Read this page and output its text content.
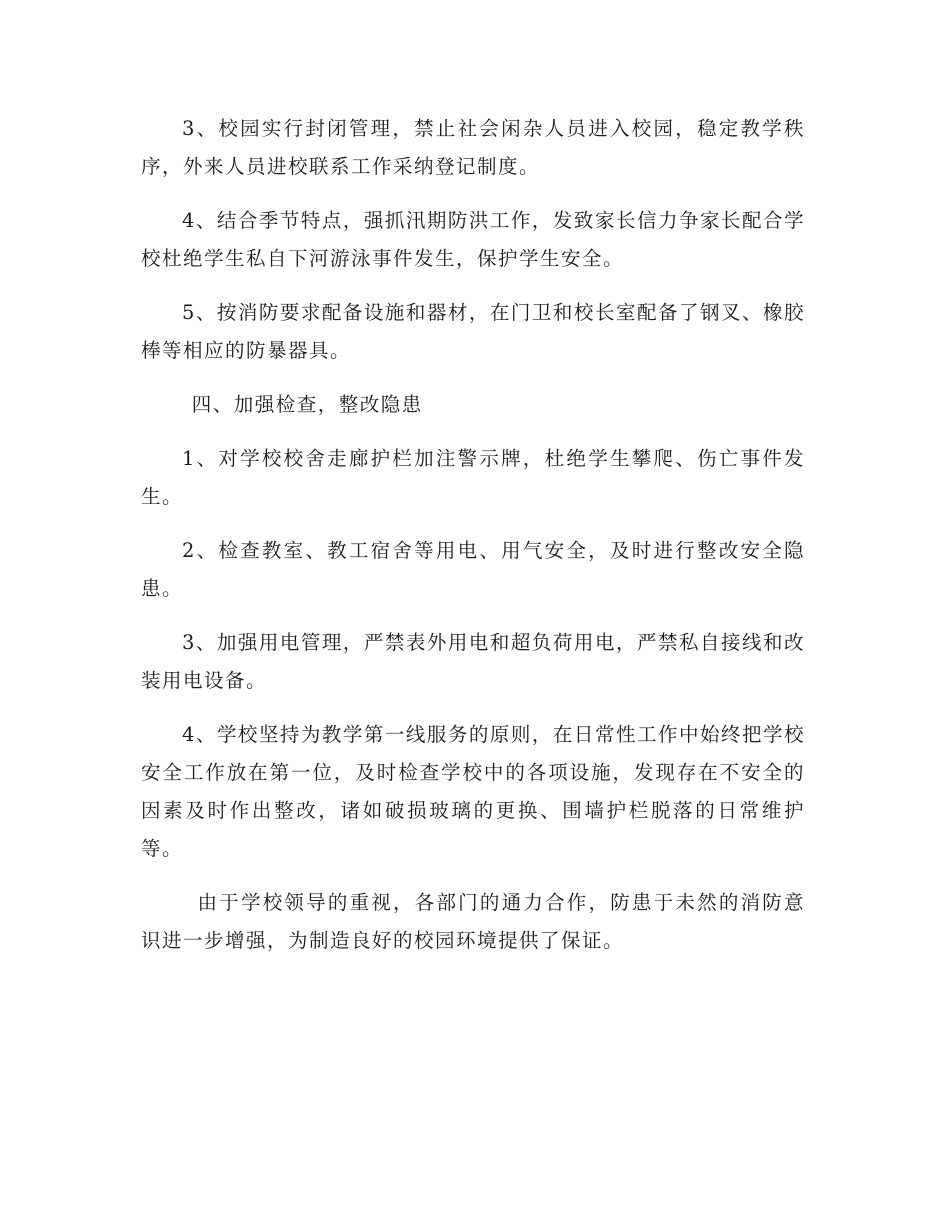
3、校园实行封闭管理，禁止社会闲杂人员进入校园，稳定教学秩序，外来人员进校联系工作采纳登记制度。

4、结合季节特点，强抓汛期防洪工作，发致家长信力争家长配合学校杜绝学生私自下河游泳事件发生，保护学生安全。

5、按消防要求配备设施和器材，在门卫和校长室配备了钢叉、橡胶棒等相应的防暴器具。

四、加强检查，整改隐患

1、对学校校舍走廊护栏加注警示牌，杜绝学生攀爬、伤亡事件发生。

2、检查教室、教工宿舍等用电、用气安全，及时进行整改安全隐患。

3、加强用电管理，严禁表外用电和超负荷用电，严禁私自接线和改装用电设备。

4、学校坚持为教学第一线服务的原则，在日常性工作中始终把学校安全工作放在第一位，及时检查学校中的各项设施，发现存在不安全的因素及时作出整改，诸如破损玻璃的更换、围墙护栏脱落的日常维护等。

由于学校领导的重视，各部门的通力合作，防患于未然的消防意识进一步增强，为制造良好的校园环境提供了保证。
